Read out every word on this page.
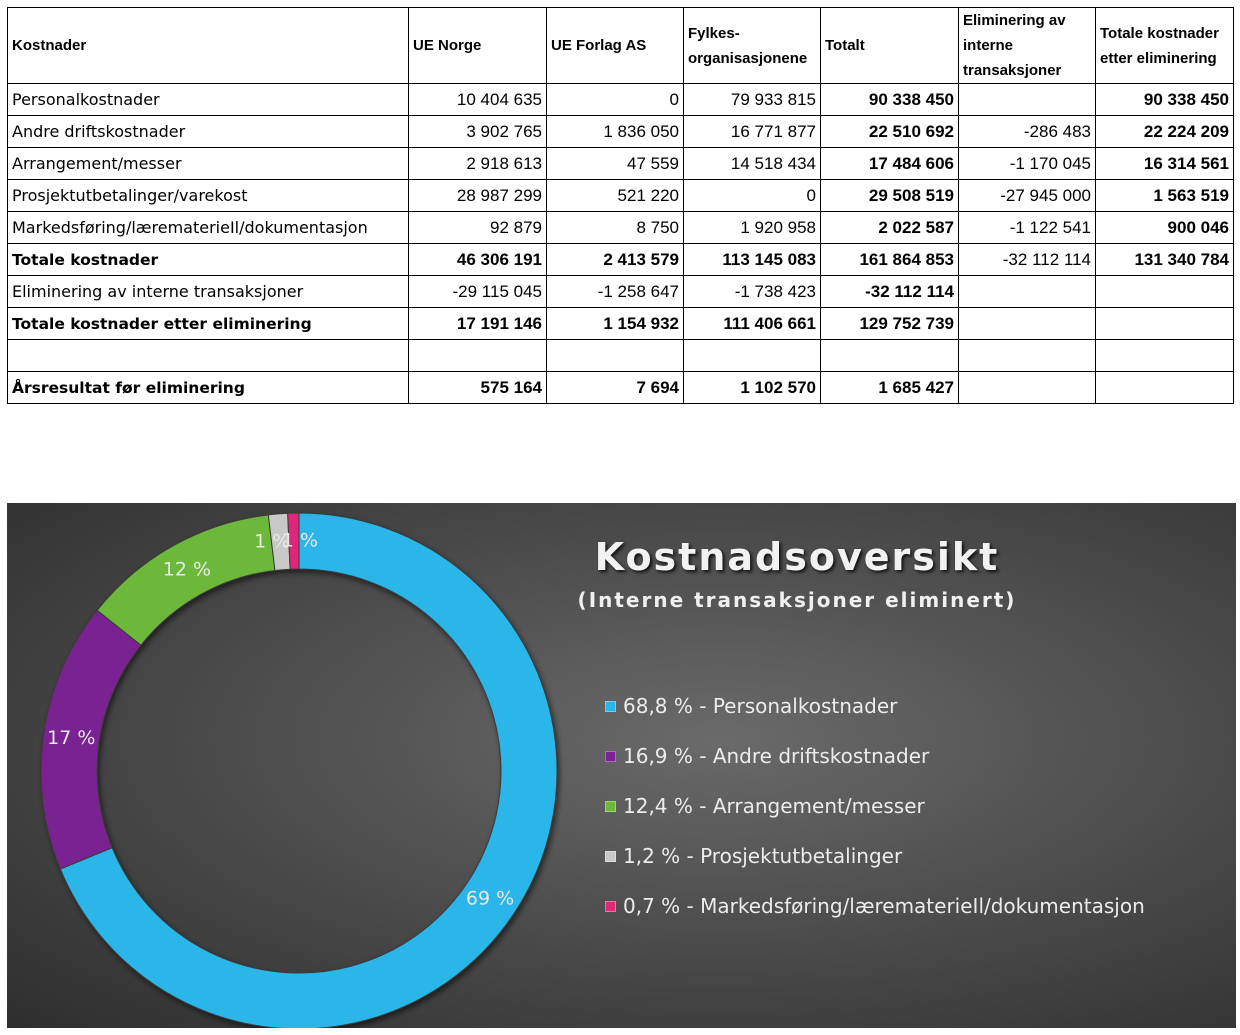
Kostnader	UE Norge	UE Forlag AS	Fylkes-organisasjonene	Totalt	Eliminering av interne transaksjoner	Totale kostnader etter eliminering
Personalkostnader	10 404 635	0	79 933 815	90 338 450		90 338 450
Andre driftskostnader	3 902 765	1 836 050	16 771 877	22 510 692	-286 483	22 224 209
Arrangement/messer	2 918 613	47 559	14 518 434	17 484 606	-1 170 045	16 314 561
Prosjektutbetalinger/varekost	28 987 299	521 220	0	29 508 519	-27 945 000	1 563 519
Markedsføring/lærematerieIl/dokumentasjon	92 879	8 750	1 920 958	2 022 587	-1 122 541	900 046
Totale kostnader	46 306 191	2 413 579	113 145 083	161 864 853	-32 112 114	131 340 784
Eliminering av interne transaksjoner	-29 115 045	-1 258 647	-1 738 423	-32 112 114		
Totale kostnader etter eliminering	17 191 146	1 154 932	111 406 661	129 752 739		

Årsresultat før eliminering	575 164	7 694	1 102 570	1 685 427		
69 %
17 %
12 %
1 %
1 %	Kostnadsoversikt
(Interne transaksjoner eliminert)
68,8 % - Personalkostnader
16,9 % - Andre driftskostnader
12,4 % - Arrangement/messer
1,2 % - Prosjektutbetalinger
0,7 % - Markedsføring/lærematerieIl/dokumentasjon
